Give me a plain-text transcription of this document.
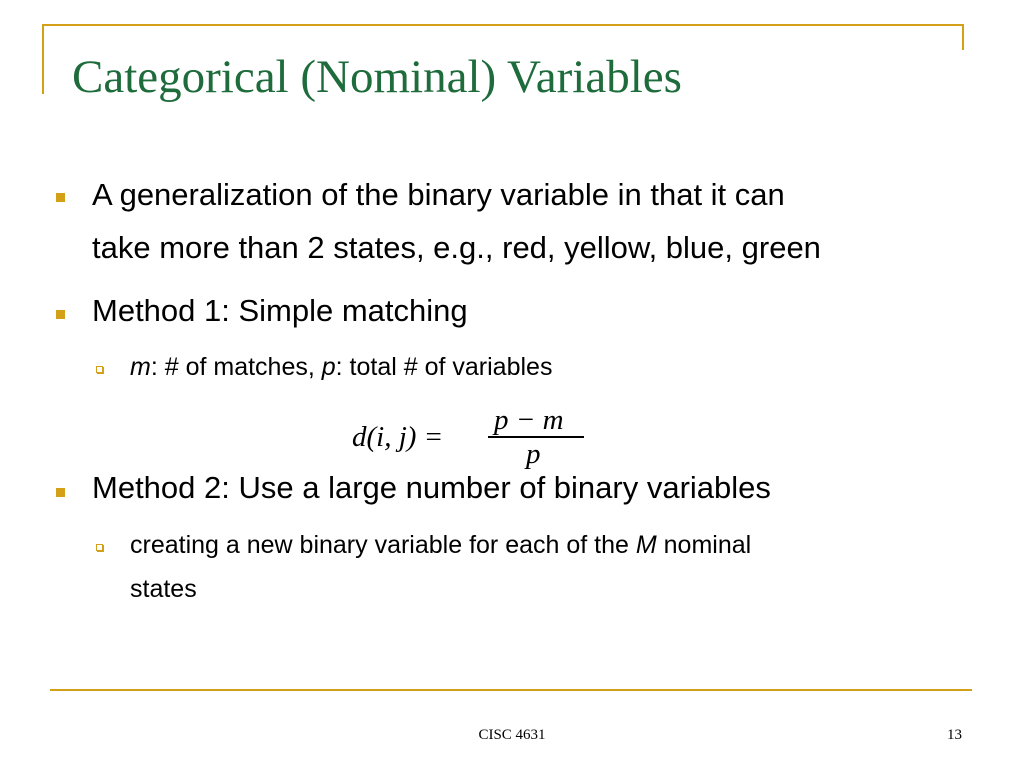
Categorical (Nominal) Variables
A generalization of the binary variable in that it can
take more than 2 states, e.g., red, yellow, blue, green
Method 1: Simple matching
m: # of matches, p: total # of variables
d(i, j) =
p − m
p
Method 2: Use a large number of binary variables
creating a new binary variable for each of the M nominal
states
CISC 4631	13
